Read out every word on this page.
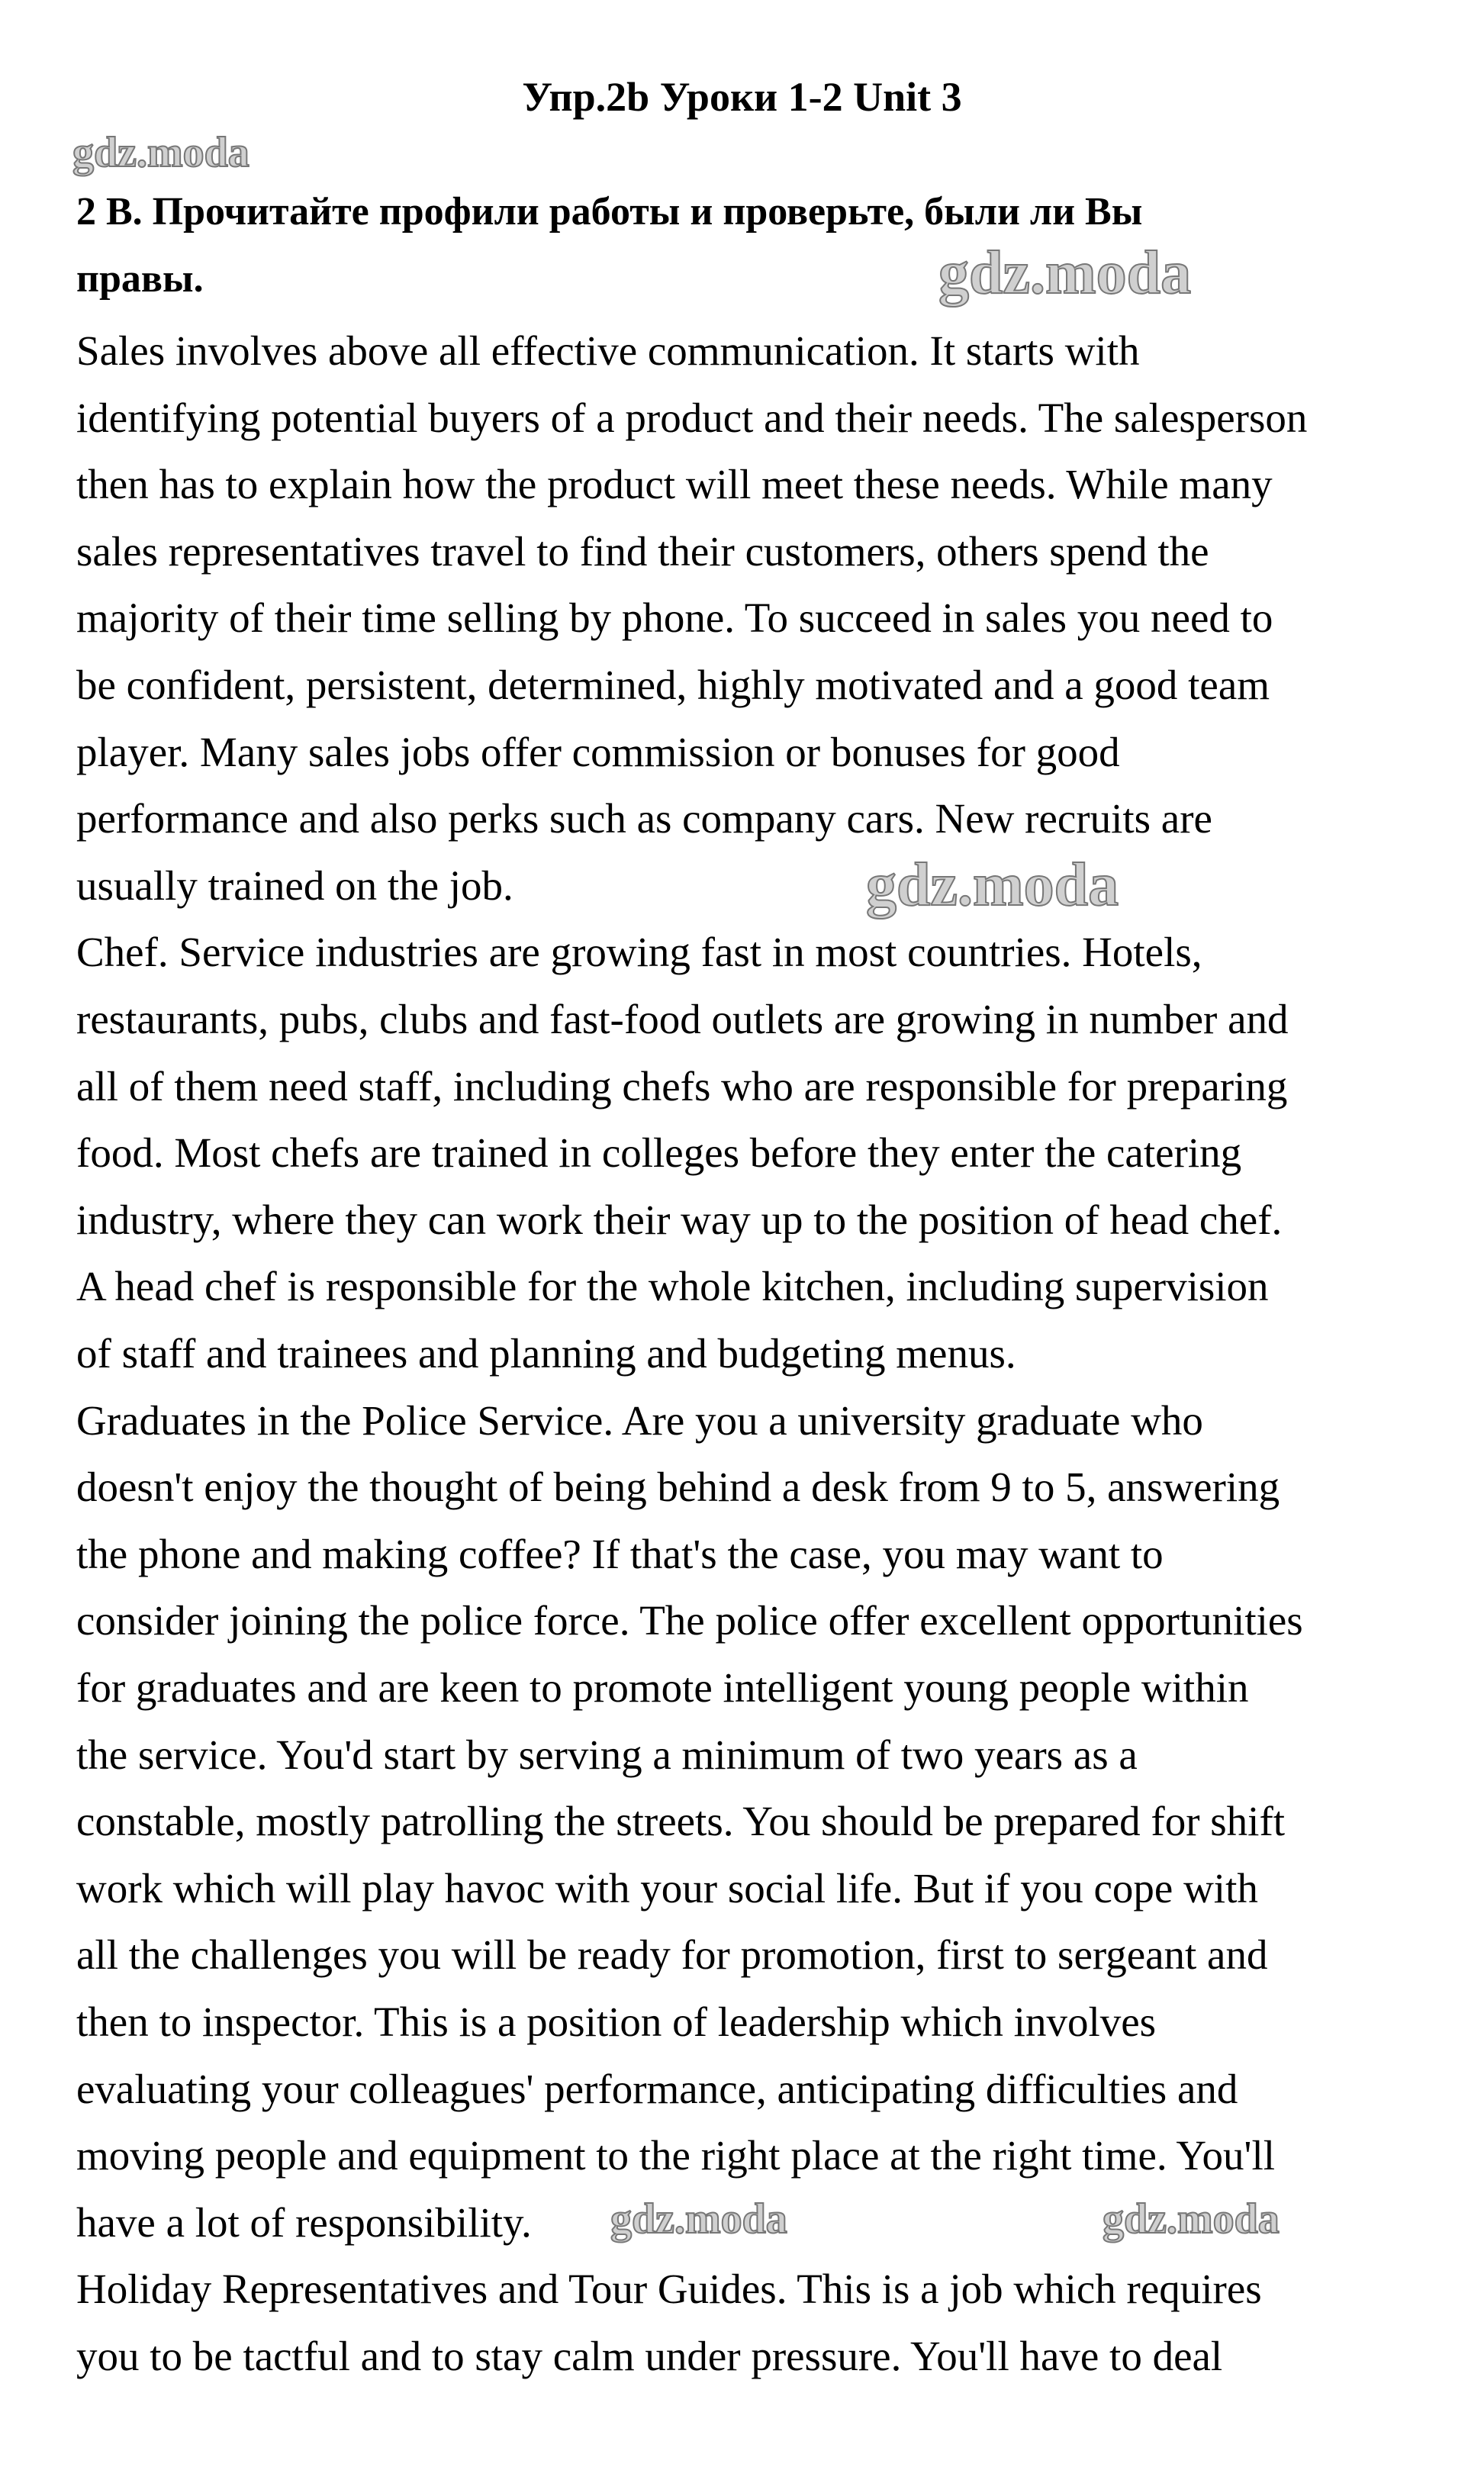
Упр.2b Уроки 1-2 Unit 3
2 B. Прочитайте профили работы и проверьте, были ли Вы
правы.
Sales involves above all effective communication. It starts with
identifying potential buyers of a product and their needs. The salesperson
then has to explain how the product will meet these needs. While many
sales representatives travel to find their customers, others spend the
majority of their time selling by phone. To succeed in sales you need to
be confident, persistent, determined, highly motivated and a good team
player. Many sales jobs offer commission or bonuses for good
performance and also perks such as company cars. New recruits are
usually trained on the job.
Chef. Service industries are growing fast in most countries. Hotels,
restaurants, pubs, clubs and fast-food outlets are growing in number and
all of them need staff, including chefs who are responsible for preparing
food. Most chefs are trained in colleges before they enter the catering
industry, where they can work their way up to the position of head chef.
A head chef is responsible for the whole kitchen, including supervision
of staff and trainees and planning and budgeting menus.
Graduates in the Police Service. Are you a university graduate who
doesn't enjoy the thought of being behind a desk from 9 to 5, answering
the phone and making coffee? If that's the case, you may want to
consider joining the police force. The police offer excellent opportunities
for graduates and are keen to promote intelligent young people within
the service. You'd start by serving a minimum of two years as a
constable, mostly patrolling the streets. You should be prepared for shift
work which will play havoc with your social life. But if you cope with
all the challenges you will be ready for promotion, first to sergeant and
then to inspector. This is a position of leadership which involves
evaluating your colleagues' performance, anticipating difficulties and
moving people and equipment to the right place at the right time. You'll
have a lot of responsibility.
Holiday Representatives and Tour Guides. This is a job which requires
you to be tactful and to stay calm under pressure. You'll have to deal
gdz.moda
gdz.moda
gdz.moda
gdz.moda	gdz.moda
